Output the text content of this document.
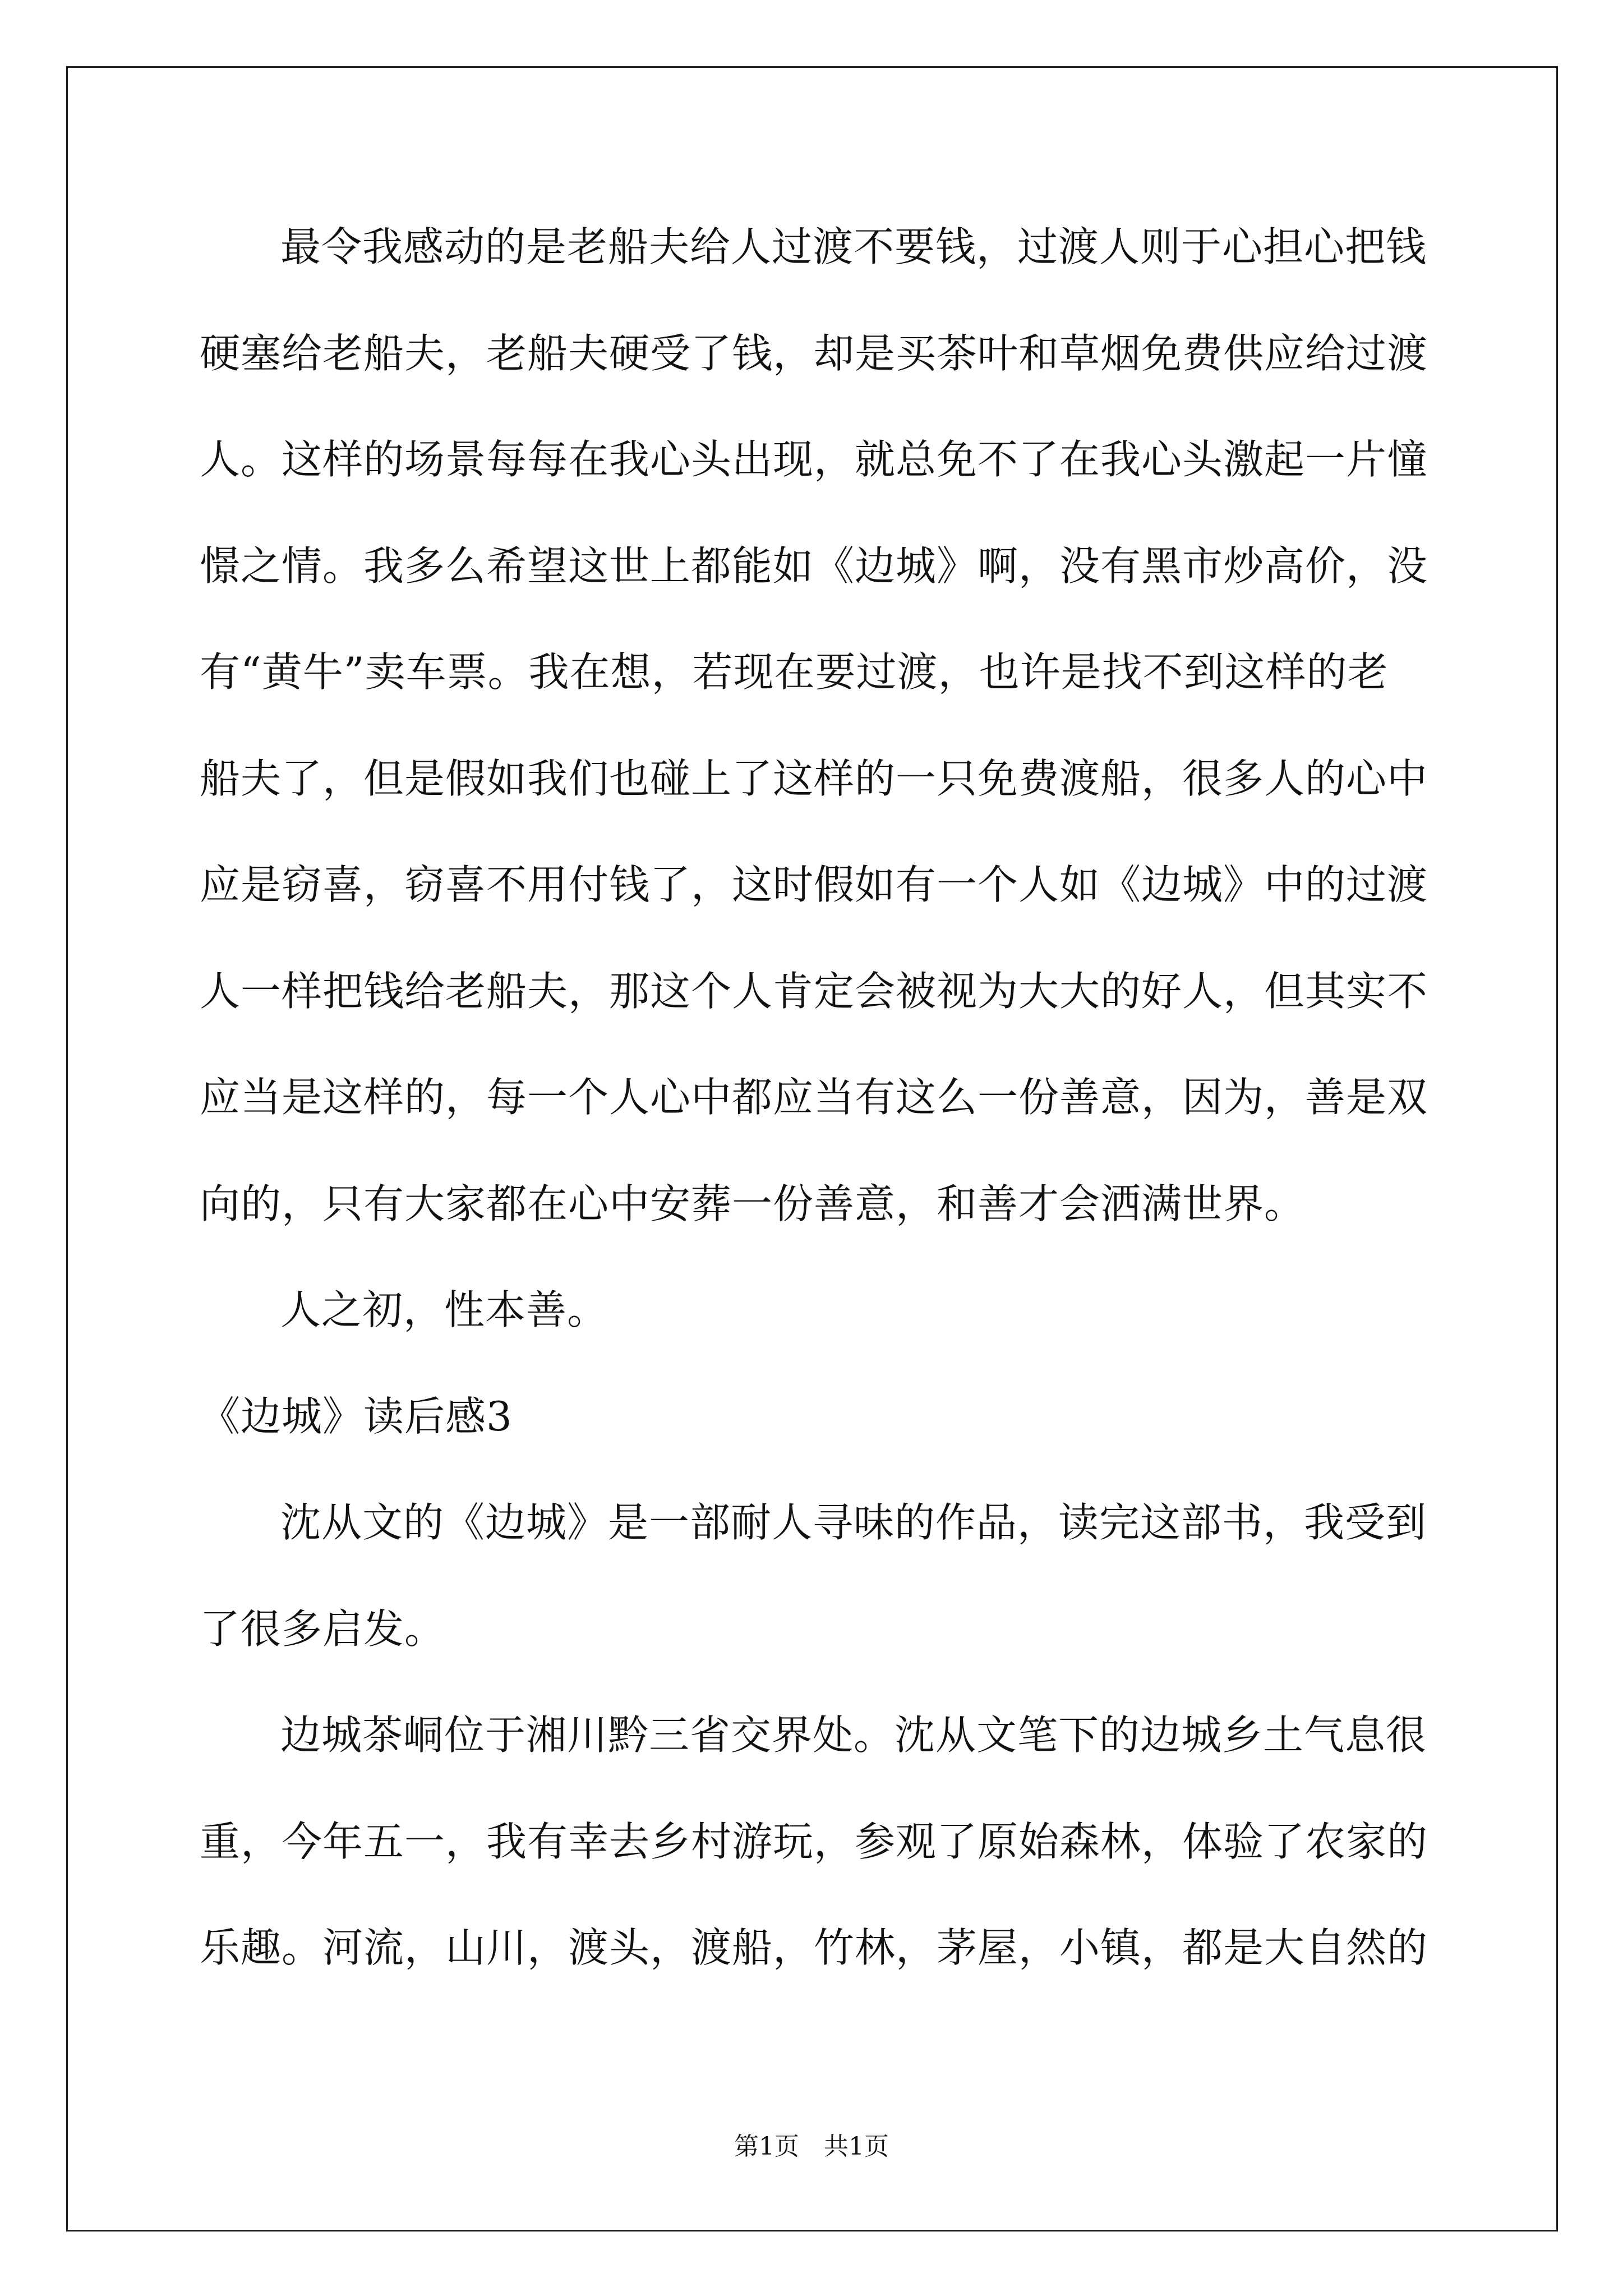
最令我感动的是老船夫给人过渡不要钱，过渡人则于心担心把钱
硬塞给老船夫，老船夫硬受了钱，却是买茶叶和草烟免费供应给过渡
人。这样的场景每每在我心头出现，就总免不了在我心头激起一片憧
憬之情。我多么希望这世上都能如《边城》啊，没有黑市炒高价，没
有“黄牛”卖车票。我在想，若现在要过渡，也许是找不到这样的老
船夫了，但是假如我们也碰上了这样的一只免费渡船，很多人的心中
应是窃喜，窃喜不用付钱了，这时假如有一个人如《边城》中的过渡
人一样把钱给老船夫，那这个人肯定会被视为大大的好人，但其实不
应当是这样的，每一个人心中都应当有这么一份善意，因为，善是双
向的，只有大家都在心中安葬一份善意，和善才会洒满世界。
人之初，性本善。
《边城》读后感3
沈从文的《边城》是一部耐人寻味的作品，读完这部书，我受到
了很多启发。
边城茶峒位于湘川黔三省交界处。沈从文笔下的边城乡土气息很
重，今年五一，我有幸去乡村游玩，参观了原始森林，体验了农家的
乐趣。河流，山川，渡头，渡船，竹林，茅屋，小镇，都是大自然的
第1页　共1页
